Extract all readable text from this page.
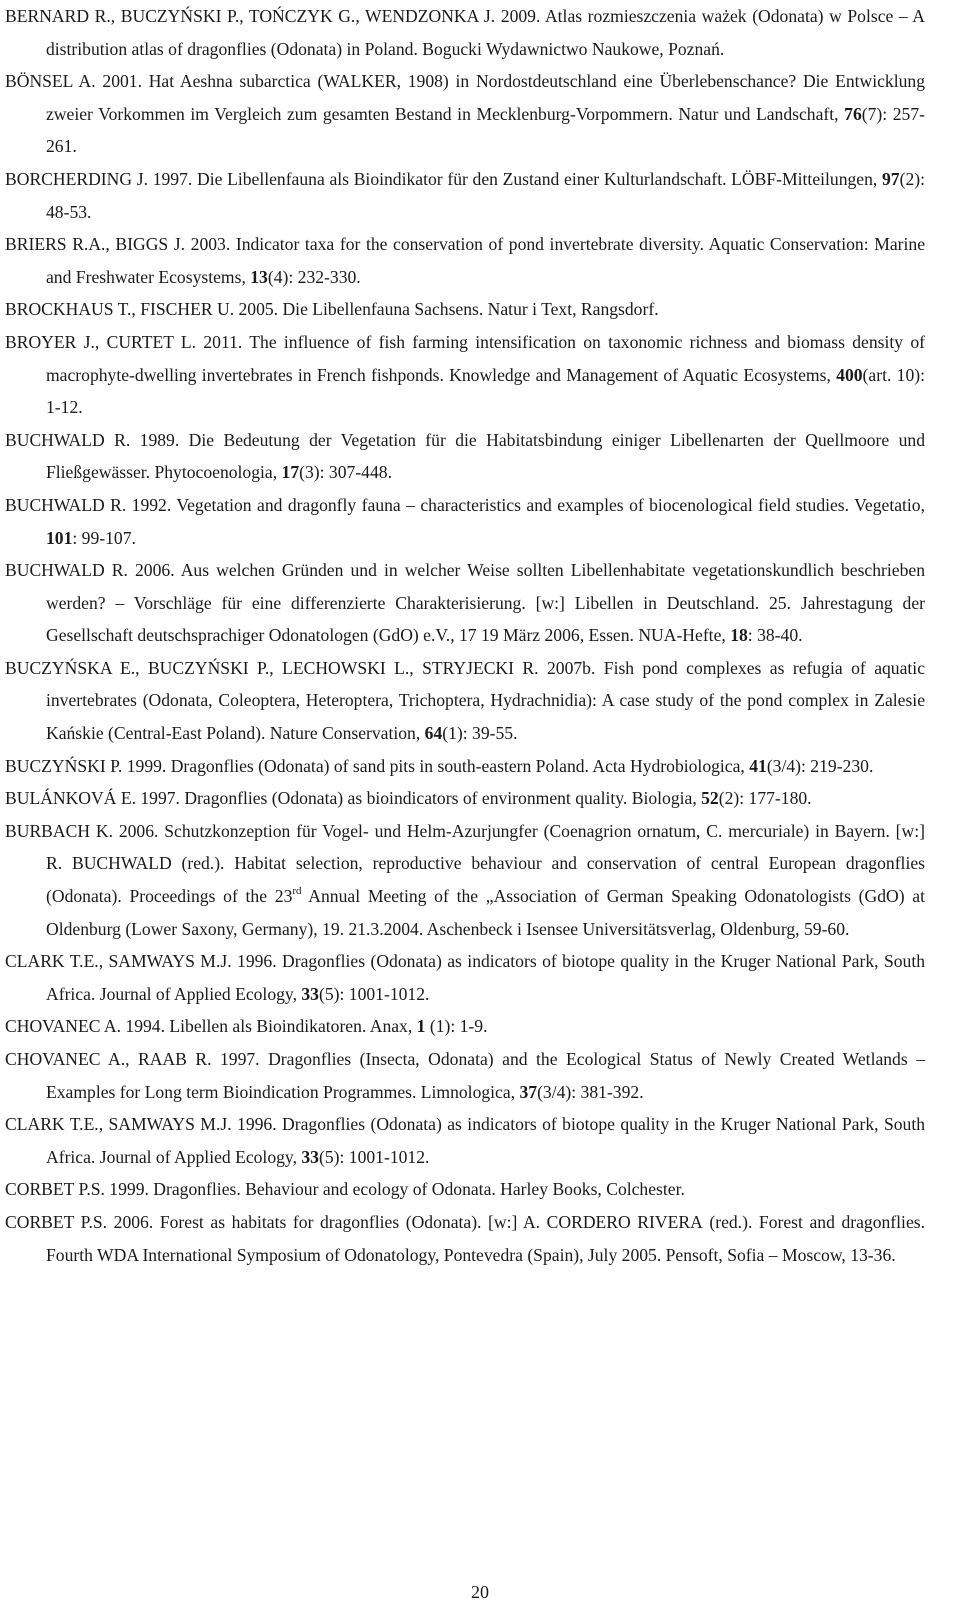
BERNARD R., BUCZYŃSKI P., TOŃCZYK G., WENDZONKA J. 2009. Atlas rozmieszczenia ważek (Odonata) w Polsce – A distribution atlas of dragonflies (Odonata) in Poland. Bogucki Wydawnictwo Naukowe, Poznań.

BÖNSEL A. 2001. Hat Aeshna subarctica (WALKER, 1908) in Nordostdeutschland eine Überlebenschance? Die Entwicklung zweier Vorkommen im Vergleich zum gesamten Bestand in Mecklenburg-Vorpommern. Natur und Landschaft, 76(7): 257-261.

BORCHERDING J. 1997. Die Libellenfauna als Bioindikator für den Zustand einer Kulturlandschaft. LÖBF-Mitteilungen, 97(2): 48-53.

BRIERS R.A., BIGGS J. 2003. Indicator taxa for the conservation of pond invertebrate diversity. Aquatic Conservation: Marine and Freshwater Ecosystems, 13(4): 232-330.

BROCKHAUS T., FISCHER U. 2005. Die Libellenfauna Sachsens. Natur i Text, Rangsdorf.

BROYER J., CURTET L. 2011. The influence of fish farming intensification on taxonomic richness and biomass density of macrophyte-dwelling invertebrates in French fishponds. Knowledge and Management of Aquatic Ecosystems, 400(art. 10): 1-12.

BUCHWALD R. 1989. Die Bedeutung der Vegetation für die Habitatsbindung einiger Libellenarten der Quellmoore und Fließgewässer. Phytocoenologia, 17(3): 307-448.

BUCHWALD R. 1992. Vegetation and dragonfly fauna – characteristics and examples of biocenological field studies. Vegetatio, 101: 99-107.

BUCHWALD R. 2006. Aus welchen Gründen und in welcher Weise sollten Libellenhabitate vegetationskundlich beschrieben werden? – Vorschläge für eine differenzierte Charakterisierung. [w:] Libellen in Deutschland. 25. Jahrestagung der Gesellschaft deutschsprachiger Odonatologen (GdO) e.V., 17 19 März 2006, Essen. NUA-Hefte, 18: 38-40.

BUCZYŃSKA E., BUCZYŃSKI P., LECHOWSKI L., STRYJECKI R. 2007b. Fish pond complexes as refugia of aquatic invertebrates (Odonata, Coleoptera, Heteroptera, Trichoptera, Hydrachnidia): A case study of the pond complex in Zalesie Kańskie (Central-East Poland). Nature Conservation, 64(1): 39-55.

BUCZYŃSKI P. 1999. Dragonflies (Odonata) of sand pits in south-eastern Poland. Acta Hydrobiologica, 41(3/4): 219-230.

BULÁNKOVÁ E. 1997. Dragonflies (Odonata) as bioindicators of environment quality. Biologia, 52(2): 177-180.

BURBACH K. 2006. Schutzkonzeption für Vogel- und Helm-Azurjungfer (Coenagrion ornatum, C. mercuriale) in Bayern. [w:] R. BUCHWALD (red.). Habitat selection, reproductive behaviour and conservation of central European dragonflies (Odonata). Proceedings of the 23rd Annual Meeting of the „Association of German Speaking Odonatologists (GdO) at Oldenburg (Lower Saxony, Germany), 19. 21.3.2004. Aschenbeck i Isensee Universitätsverlag, Oldenburg, 59-60.

CLARK T.E., SAMWAYS M.J. 1996. Dragonflies (Odonata) as indicators of biotope quality in the Kruger National Park, South Africa. Journal of Applied Ecology, 33(5): 1001-1012.

CHOVANEC A. 1994. Libellen als Bioindikatoren. Anax, 1 (1): 1-9.

CHOVANEC A., RAAB R. 1997. Dragonflies (Insecta, Odonata) and the Ecological Status of Newly Created Wetlands – Examples for Long term Bioindication Programmes. Limnologica, 37(3/4): 381-392.

CLARK T.E., SAMWAYS M.J. 1996. Dragonflies (Odonata) as indicators of biotope quality in the Kruger National Park, South Africa. Journal of Applied Ecology, 33(5): 1001-1012.

CORBET P.S. 1999. Dragonflies. Behaviour and ecology of Odonata. Harley Books, Colchester.

CORBET P.S. 2006. Forest as habitats for dragonflies (Odonata). [w:] A. CORDERO RIVERA (red.). Forest and dragonflies. Fourth WDA International Symposium of Odonatology, Pontevedra (Spain), July 2005. Pensoft, Sofia – Moscow, 13-36.

20
